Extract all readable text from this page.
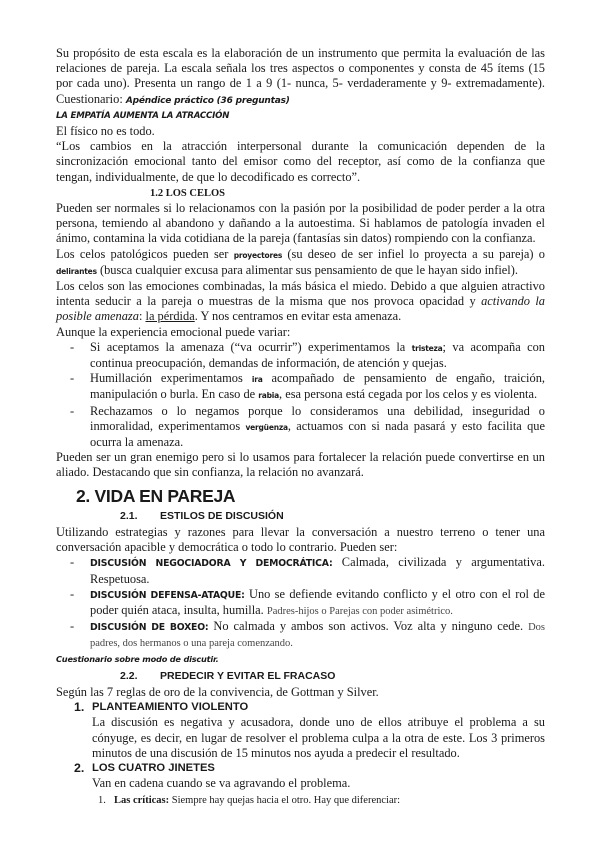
Su propósito de esta escala es la elaboración de un instrumento que permita la evaluación de las relaciones de pareja. La escala señala los tres aspectos o componentes y consta de 45 ítems (15 por cada uno). Presenta un rango de 1 a 9 (1- nunca, 5- verdaderamente y 9- extremadamente). Cuestionario: Apéndice práctico (36 preguntas)

LA EMPATÍA AUMENTA LA ATRACCIÓN

El físico no es todo.

“Los cambios en la atracción interpersonal durante la comunicación dependen de la sincronización emocional tanto del emisor como del receptor, así como de la confianza que tengan, individualmente, de que lo decodificado es correcto”.

1.2 LOS CELOS

Pueden ser normales si lo relacionamos con la pasión por la posibilidad de poder perder a la otra persona, temiendo al abandono y dañando a la autoestima. Si hablamos de patología invaden el ánimo, contamina la vida cotidiana de la pareja (fantasías sin datos) rompiendo con la confianza.

Los celos patológicos pueden ser proyectores (su deseo de ser infiel lo proyecta a su pareja) o delirantes (busca cualquier excusa para alimentar sus pensamiento de que le hayan sido infiel).

Los celos son las emociones combinadas, la más básica el miedo. Debido a que alguien atractivo intenta seducir a la pareja o muestras de la misma que nos provoca opacidad y activando la posible amenaza: la pérdida. Y nos centramos en evitar esta amenaza.

Aunque la experiencia emocional puede variar:

- Si aceptamos la amenaza (“va ocurrir”) experimentamos la tristeza; va acompaña con continua preocupación, demandas de información, de atención y quejas.
- Humillación experimentamos ira acompañado de pensamiento de engaño, traición, manipulación o burla. En caso de rabia, esa persona está cegada por los celos y es violenta.
- Rechazamos o lo negamos porque lo consideramos una debilidad, inseguridad o inmoralidad, experimentamos vergüenza, actuamos con si nada pasará y esto facilita que ocurra la amenaza.

Pueden ser un gran enemigo pero si lo usamos para fortalecer la relación puede convertirse en un aliado. Destacando que sin confianza, la relación no avanzará.

2. VIDA EN PAREJA
2.1. ESTILOS DE DISCUSIÓN

Utilizando estrategias y razones para llevar la conversación a nuestro terreno o tener una conversación apacible y democrática o todo lo contrario. Pueden ser:

- DISCUSIÓN NEGOCIADORA Y DEMOCRÁTICA: Calmada, civilizada y argumentativa. Respetuosa.
- DISCUSIÓN DEFENSA-ATAQUE: Uno se defiende evitando conflicto y el otro con el rol de poder quién ataca, insulta, humilla. Padres-hijos o Parejas con poder asimétrico.
- DISCUSIÓN DE BOXEO: No calmada y ambos son activos. Voz alta y ninguno cede. Dos padres, dos hermanos o una pareja comenzando.
Cuestionario sobre modo de discutir.
2.2. PREDECIR Y EVITAR EL FRACASO

Según las 7 reglas de oro de la convivencia, de Gottman y Silver.

1. PLANTEAMIENTO VIOLENTO

La discusión es negativa y acusadora, donde uno de ellos atribuye el problema a su cónyuge, es decir, en lugar de resolver el problema culpa a la otra de este. Los 3 primeros minutos de una discusión de 15 minutos nos ayuda a predecir el resultado.

2. LOS CUATRO JINETES

Van en cadena cuando se va agravando el problema.

1. Las críticas: Siempre hay quejas hacia el otro. Hay que diferenciar:
